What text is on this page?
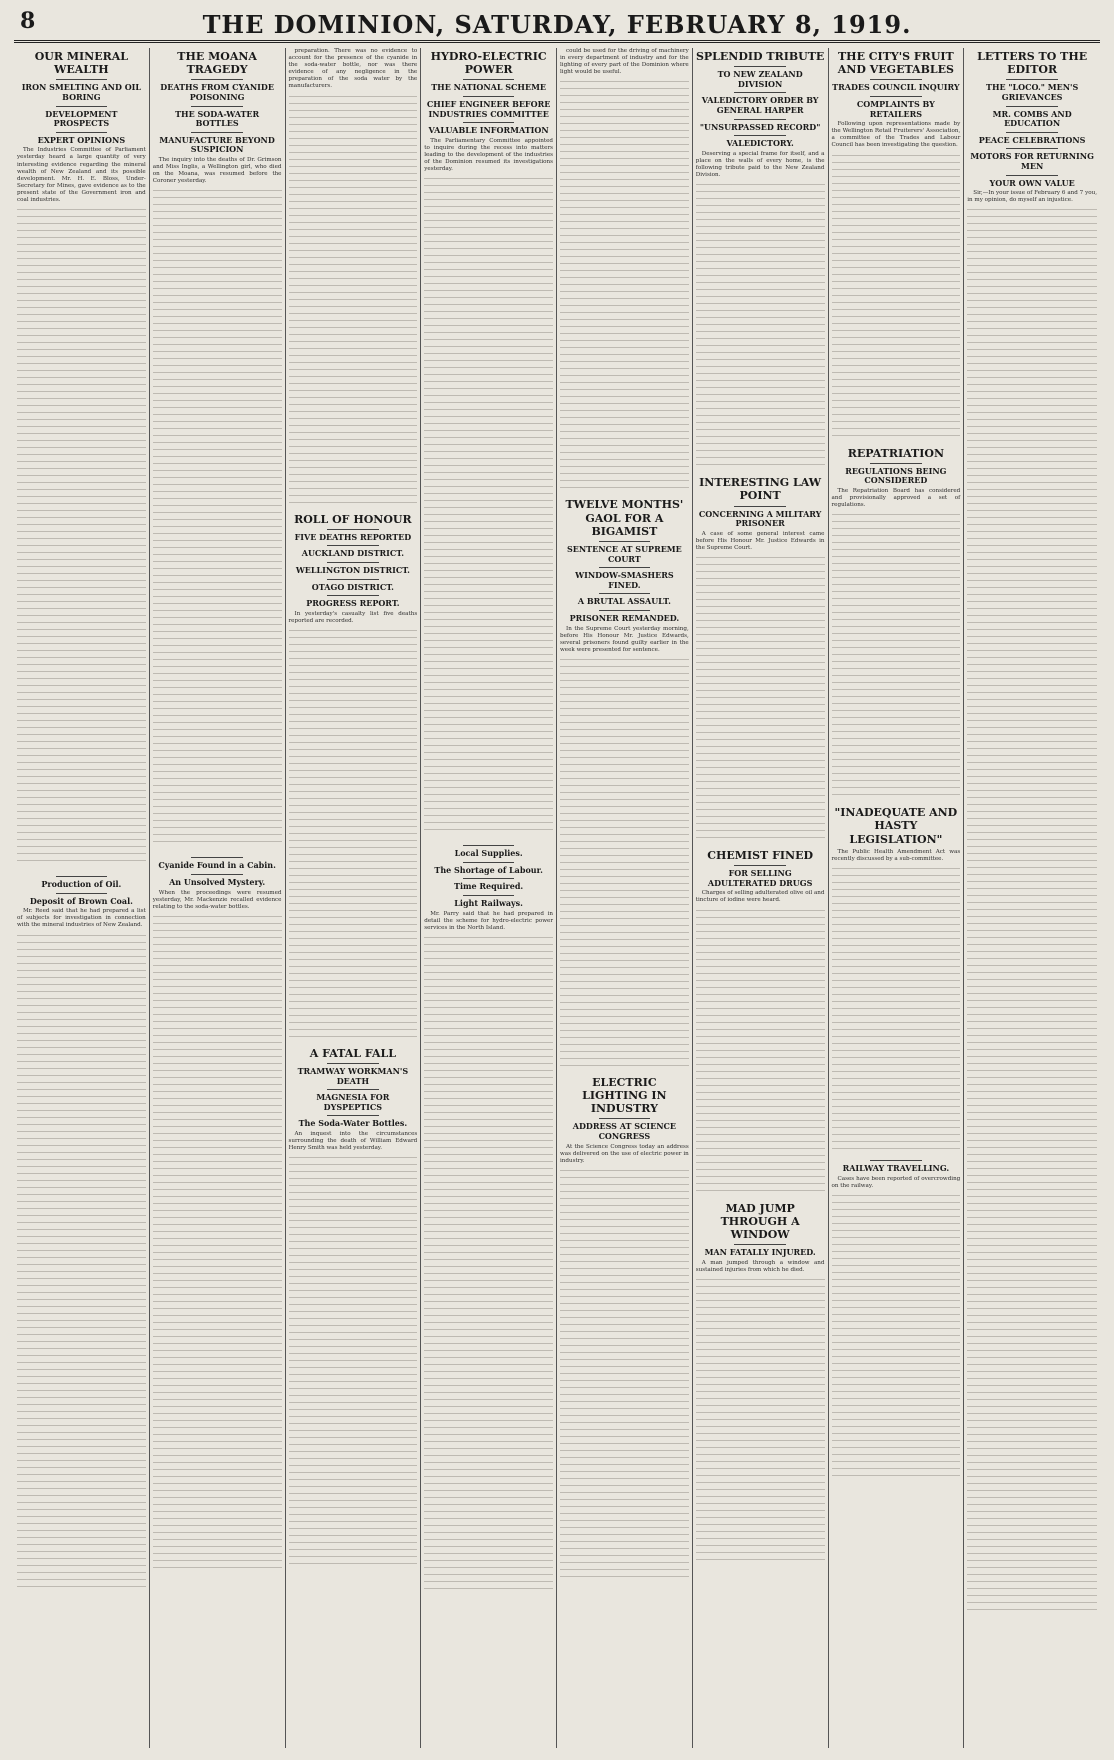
8	THE DOMINION, SATURDAY, FEBRUARY 8, 1919.
OUR MINERAL WEALTH
IRON SMELTING AND OIL BORING
DEVELOPMENT PROSPECTS
EXPERT OPINIONS

The Industries Committee of Parliament yesterday heard a large quantity of very interesting evidence regarding the mineral wealth of New Zealand and its possible development. Mr. H. E. Bloss, Under-Secretary for Mines, gave evidence as to the present state of the Government iron and coal industries.

Production of Oil.
Deposit of Brown Coal.

Mr. Reed said that he had prepared a list of subjects for investigation in connection with the mineral industries of New Zealand.

THE MOANA TRAGEDY
DEATHS FROM CYANIDE POISONING
THE SODA-WATER BOTTLES
MANUFACTURE BEYOND SUSPICION

The inquiry into the deaths of Dr. Grimson and Miss Inglis, a Wellington girl, who died on the Moana, was resumed before the Coroner yesterday.

Cyanide Found in a Cabin.
An Unsolved Mystery.

When the proceedings were resumed yesterday, Mr. Mackenzie recalled evidence relating to the soda-water bottles.

preparation. There was no evidence to account for the presence of the cyanide in the soda-water bottle, nor was there evidence of any negligence in the preparation of the soda water by the manufacturers.

ROLL OF HONOUR
FIVE DEATHS REPORTED
AUCKLAND DISTRICT.
WELLINGTON DISTRICT.
OTAGO DISTRICT.
PROGRESS REPORT.

In yesterday's casualty list five deaths reported are recorded.

A FATAL FALL
TRAMWAY WORKMAN'S DEATH
MAGNESIA FOR DYSPEPTICS
The Soda-Water Bottles.

An inquest into the circumstances surrounding the death of William Edward Henry Smith was held yesterday.

HYDRO-ELECTRIC POWER
THE NATIONAL SCHEME
CHIEF ENGINEER BEFORE INDUSTRIES COMMITTEE
VALUABLE INFORMATION

The Parliamentary Committee appointed to inquire during the recess into matters leading to the development of the industries of the Dominion resumed its investigations yesterday.

Local Supplies.
The Shortage of Labour.
Time Required.
Light Railways.

Mr. Parry said that he had prepared in detail the scheme for hydro-electric power services in the North Island.

could be used for the driving of machinery in every department of industry and for the lighting of every part of the Dominion where light would be useful.

TWELVE MONTHS' GAOL FOR A BIGAMIST
SENTENCE AT SUPREME COURT
WINDOW-SMASHERS FINED.
A BRUTAL ASSAULT.
PRISONER REMANDED.

In the Supreme Court yesterday morning, before His Honour Mr. Justice Edwards, several prisoners found guilty earlier in the week were presented for sentence.

ELECTRIC LIGHTING IN INDUSTRY
ADDRESS AT SCIENCE CONGRESS

At the Science Congress today an address was delivered on the use of electric power in industry.

SPLENDID TRIBUTE
TO NEW ZEALAND DIVISION
VALEDICTORY ORDER BY GENERAL HARPER
"UNSURPASSED RECORD"
VALEDICTORY.

Deserving a special frame for itself, and a place on the walls of every home, is the following tribute paid to the New Zealand Division.

INTERESTING LAW POINT
CONCERNING A MILITARY PRISONER

A case of some general interest came before His Honour Mr. Justice Edwards in the Supreme Court.

CHEMIST FINED
FOR SELLING ADULTERATED DRUGS

Charges of selling adulterated olive oil and tincture of iodine were heard.

MAD JUMP THROUGH A WINDOW
MAN FATALLY INJURED.

A man jumped through a window and sustained injuries from which he died.

THE CITY'S FRUIT AND VEGETABLES
TRADES COUNCIL INQUIRY
COMPLAINTS BY RETAILERS

Following upon representations made by the Wellington Retail Fruiterers' Association, a committee of the Trades and Labour Council has been investigating the question.

REPATRIATION
REGULATIONS BEING CONSIDERED

The Repatriation Board has considered and provisionally approved a set of regulations.

"INADEQUATE AND HASTY LEGISLATION"

The Public Health Amendment Act was recently discussed by a sub-committee.

RAILWAY TRAVELLING.

Cases have been reported of overcrowding on the railway.

LETTERS TO THE EDITOR
THE "LOCO." MEN'S GRIEVANCES
MR. COMBS AND EDUCATION
PEACE CELEBRATIONS
MOTORS FOR RETURNING MEN
YOUR OWN VALUE

Sir,—In your issue of February 6 and 7 you, in my opinion, do myself an injustice.
